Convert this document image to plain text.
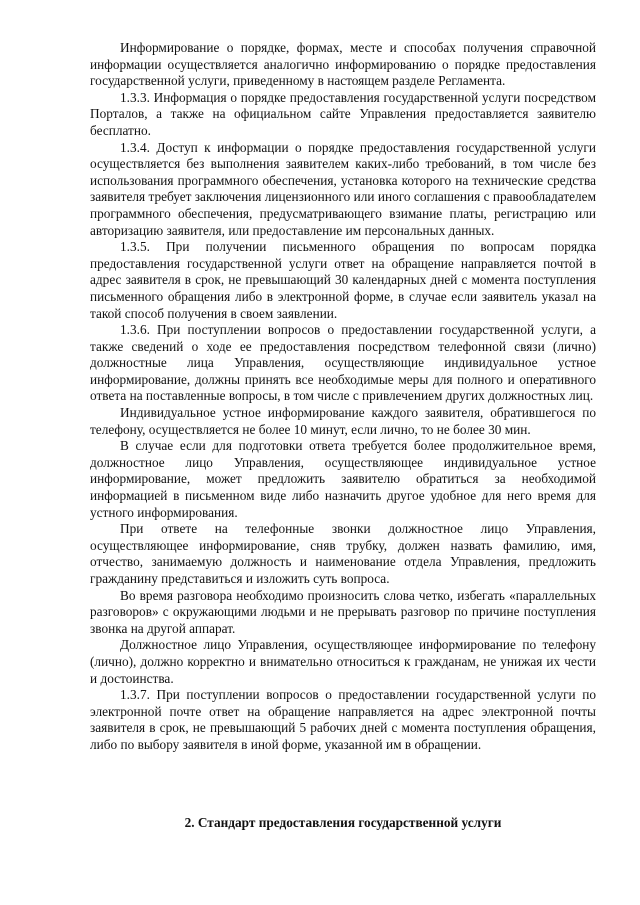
Информирование о порядке, формах, месте и способах получения справочной информации осуществляется аналогично информированию о порядке предоставления государственной услуги, приведенному в настоящем разделе Регламента.

1.3.3. Информация о порядке предоставления государственной услуги посредством Порталов, а также на официальном сайте Управления предоставляется заявителю бесплатно.

1.3.4. Доступ к информации о порядке предоставления государственной услуги осуществляется без выполнения заявителем каких-либо требований, в том числе без использования программного обеспечения, установка которого на технические средства заявителя требует заключения лицензионного или иного соглашения с правообладателем программного обеспечения, предусматривающего взимание платы, регистрацию или авторизацию заявителя, или предоставление им персональных данных.

1.3.5. При получении письменного обращения по вопросам порядка предоставления государственной услуги ответ на обращение направляется почтой в адрес заявителя в срок, не превышающий 30 календарных дней с момента поступления письменного обращения либо в электронной форме, в случае если заявитель указал на такой способ получения в своем заявлении.

1.3.6. При поступлении вопросов о предоставлении государственной услуги, а также сведений о ходе ее предоставления посредством телефонной связи (лично) должностные лица Управления, осуществляющие индивидуальное устное информирование, должны принять все необходимые меры для полного и оперативного ответа на поставленные вопросы, в том числе с привлечением других должностных лиц.

Индивидуальное устное информирование каждого заявителя, обратившегося по телефону, осуществляется не более 10 минут, если лично, то не более 30 мин.

В случае если для подготовки ответа требуется более продолжительное время, должностное лицо Управления, осуществляющее индивидуальное устное информирование, может предложить заявителю обратиться за необходимой информацией в письменном виде либо назначить другое удобное для него время для устного информирования.

При ответе на телефонные звонки должностное лицо Управления, осуществляющее информирование, сняв трубку, должен назвать фамилию, имя, отчество, занимаемую должность и наименование отдела Управления, предложить гражданину представиться и изложить суть вопроса.

Во время разговора необходимо произносить слова четко, избегать «параллельных разговоров» с окружающими людьми и не прерывать разговор по причине поступления звонка на другой аппарат.

Должностное лицо Управления, осуществляющее информирование по телефону (лично), должно корректно и внимательно относиться к гражданам, не унижая их чести и достоинства.

1.3.7. При поступлении вопросов о предоставлении государственной услуги по электронной почте ответ на обращение направляется на адрес электронной почты заявителя в срок, не превышающий 5 рабочих дней с момента поступления обращения, либо по выбору заявителя в иной форме, указанной им в обращении.

2. Стандарт предоставления государственной услуги
